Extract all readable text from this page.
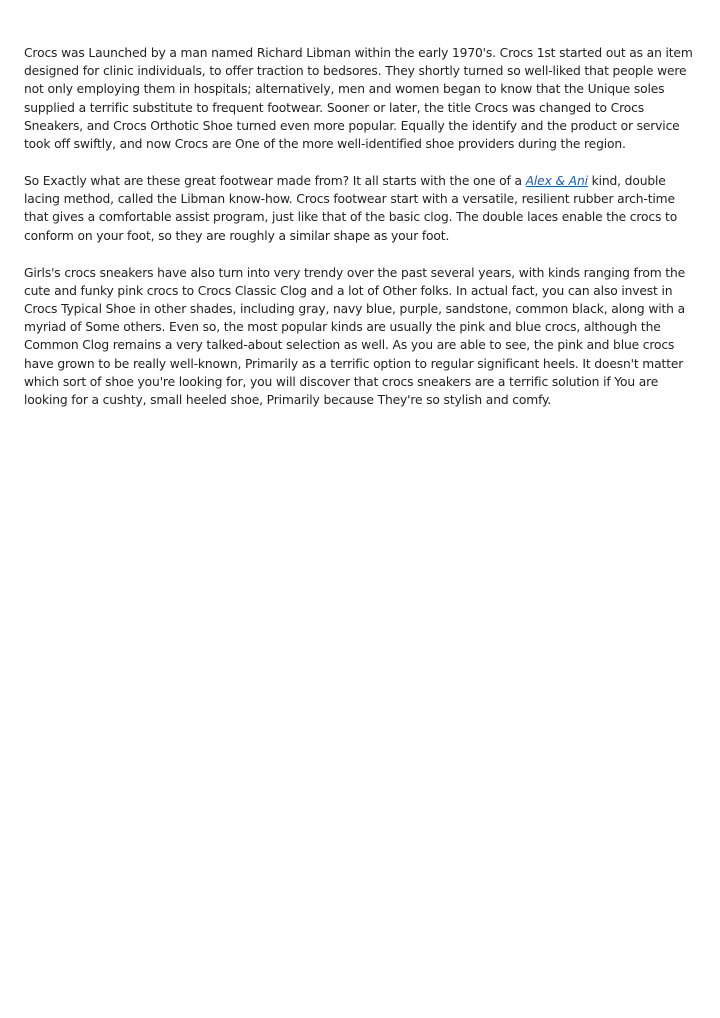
Crocs was Launched by a man named Richard Libman within the early 1970's. Crocs 1st started out as an item designed for clinic individuals, to offer traction to bedsores. They shortly turned so well-liked that people were not only employing them in hospitals; alternatively, men and women began to know that the Unique soles supplied a terrific substitute to frequent footwear. Sooner or later, the title Crocs was changed to Crocs Sneakers, and Crocs Orthotic Shoe turned even more popular. Equally the identify and the product or service took off swiftly, and now Crocs are One of the more well-identified shoe providers during the region.

So Exactly what are these great footwear made from? It all starts with the one of a Alex & Ani kind, double lacing method, called the Libman know-how. Crocs footwear start with a versatile, resilient rubber arch-time that gives a comfortable assist program, just like that of the basic clog. The double laces enable the crocs to conform on your foot, so they are roughly a similar shape as your foot.

Girls's crocs sneakers have also turn into very trendy over the past several years, with kinds ranging from the cute and funky pink crocs to Crocs Classic Clog and a lot of Other folks. In actual fact, you can also invest in Crocs Typical Shoe in other shades, including gray, navy blue, purple, sandstone, common black, along with a myriad of Some others. Even so, the most popular kinds are usually the pink and blue crocs, although the Common Clog remains a very talked-about selection as well. As you are able to see, the pink and blue crocs have grown to be really well-known, Primarily as a terrific option to regular significant heels. It doesn't matter which sort of shoe you're looking for, you will discover that crocs sneakers are a terrific solution if You are looking for a cushty, small heeled shoe, Primarily because They're so stylish and comfy.
